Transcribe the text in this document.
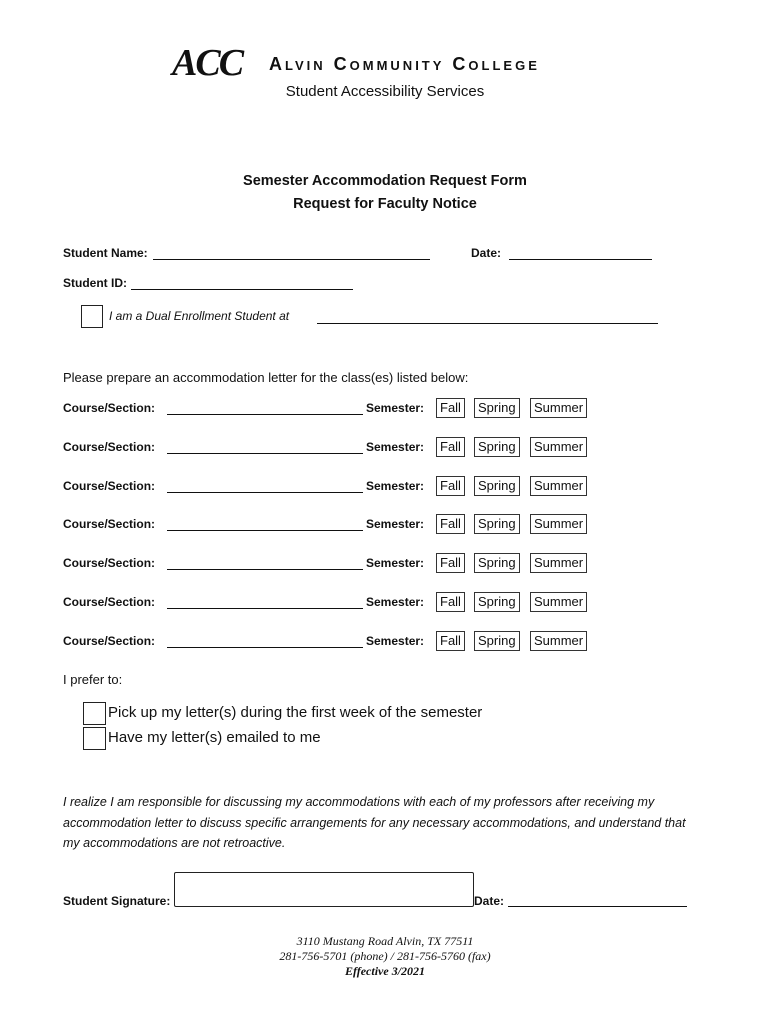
ACC Alvin Community College
Student Accessibility Services
Semester Accommodation Request Form
Request for Faculty Notice
Student Name:	Date:
Student ID:
I am a Dual Enrollment Student at
Please prepare an accommodation letter for the class(es) listed below:
Course/Section:	Semester:	Fall	Spring	Summer
Course/Section:	Semester:	Fall	Spring	Summer
Course/Section:	Semester:	Fall	Spring	Summer
Course/Section:	Semester:	Fall	Spring	Summer
Course/Section:	Semester:	Fall	Spring	Summer
Course/Section:	Semester:	Fall	Spring	Summer
Course/Section:	Semester:	Fall	Spring	Summer
I prefer to:
Pick up my letter(s) during the first week of the semester
Have my letter(s) emailed to me
I realize I am responsible for discussing my accommodations with each of my professors after receiving my accommodation letter to discuss specific arrangements for any necessary accommodations, and understand that my accommodations are not retroactive.
Student Signature:	Date:
3110 Mustang Road Alvin, TX 77511
281-756-5701 (phone) / 281-756-5760 (fax)
Effective 3/2021
